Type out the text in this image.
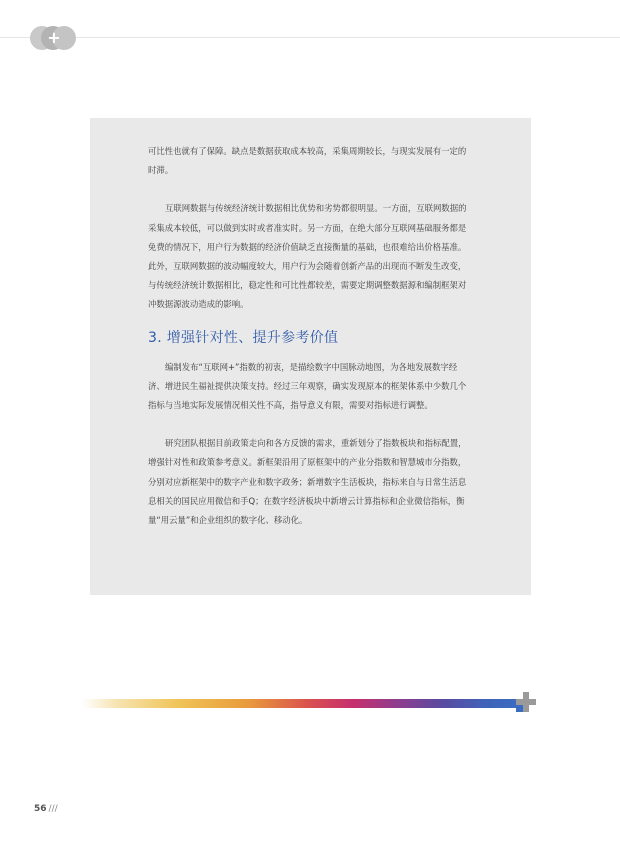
+

可比性也就有了保障。缺点是数据获取成本较高，采集周期较长，与现实发展有一定的
时滞。

互联网数据与传统经济统计数据相比优势和劣势都很明显。一方面，互联网数据的
采集成本较低，可以做到实时或者准实时。另一方面，在绝大部分互联网基础服务都是
免费的情况下，用户行为数据的经济价值缺乏直接衡量的基础，也很难给出价格基准。
此外，互联网数据的波动幅度较大，用户行为会随着创新产品的出现而不断发生改变，
与传统经济统计数据相比，稳定性和可比性都较差，需要定期调整数据源和编制框架对
冲数据源波动造成的影响。

3. 增强针对性、提升参考价值

编制发布“互联网+”指数的初衷，是描绘数字中国脉动地图，为各地发展数字经
济、增进民生福祉提供决策支持。经过三年观察，确实发现原本的框架体系中少数几个
指标与当地实际发展情况相关性不高，指导意义有限，需要对指标进行调整。

研究团队根据目前政策走向和各方反馈的需求，重新划分了指数板块和指标配置，
增强针对性和政策参考意义。新框架沿用了原框架中的产业分指数和智慧城市分指数，
分别对应新框架中的数字产业和数字政务；新增数字生活板块，指标来自与日常生活息
息相关的国民应用微信和手Q；在数字经济板块中新增云计算指标和企业微信指标，衡
量“用云量”和企业组织的数字化、移动化。

56 ///
